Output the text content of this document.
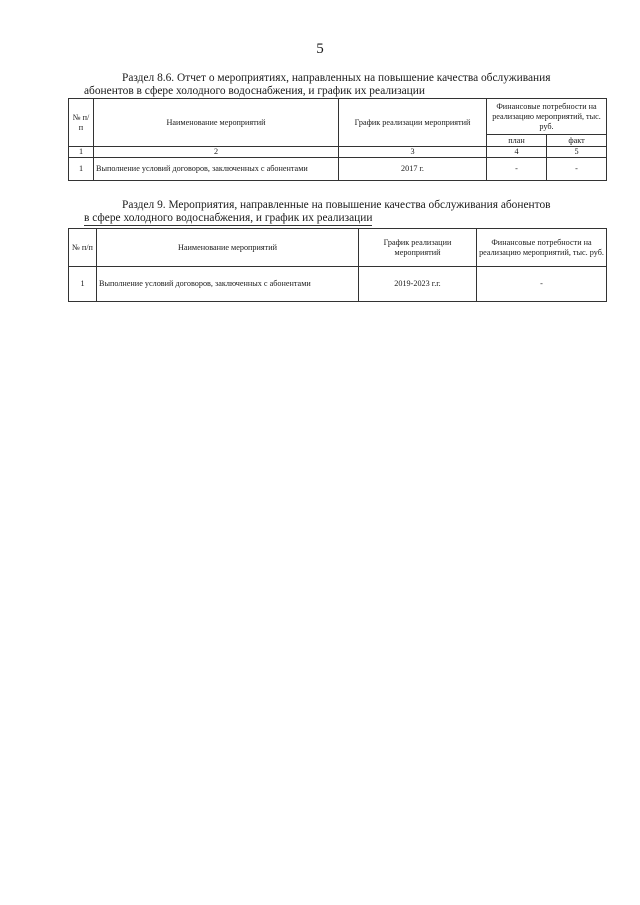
5
Раздел 8.6. Отчет о мероприятиях, направленных на повышение качества обслуживания
абонентов в сфере холодного водоснабжения, и график их реализации
№ п/п	Наименование мероприятий	График реализации мероприятий	Финансовые потребности на реализацию мероприятий, тыс. руб.	
			план	факт
1	2	3	4	5
1	Выполнение условий договоров, заключенных с абонентами	2017 г.	-	-
Раздел 9. Мероприятия, направленные на повышение качества обслуживания абонентов
в сфере холодного водоснабжения, и график их реализации
№ п/п	Наименование мероприятий	График реализации мероприятий	Финансовые потребности на реализацию мероприятий, тыс. руб.
1	Выполнение условий договоров, заключенных с абонентами	2019-2023 г.г.	-
